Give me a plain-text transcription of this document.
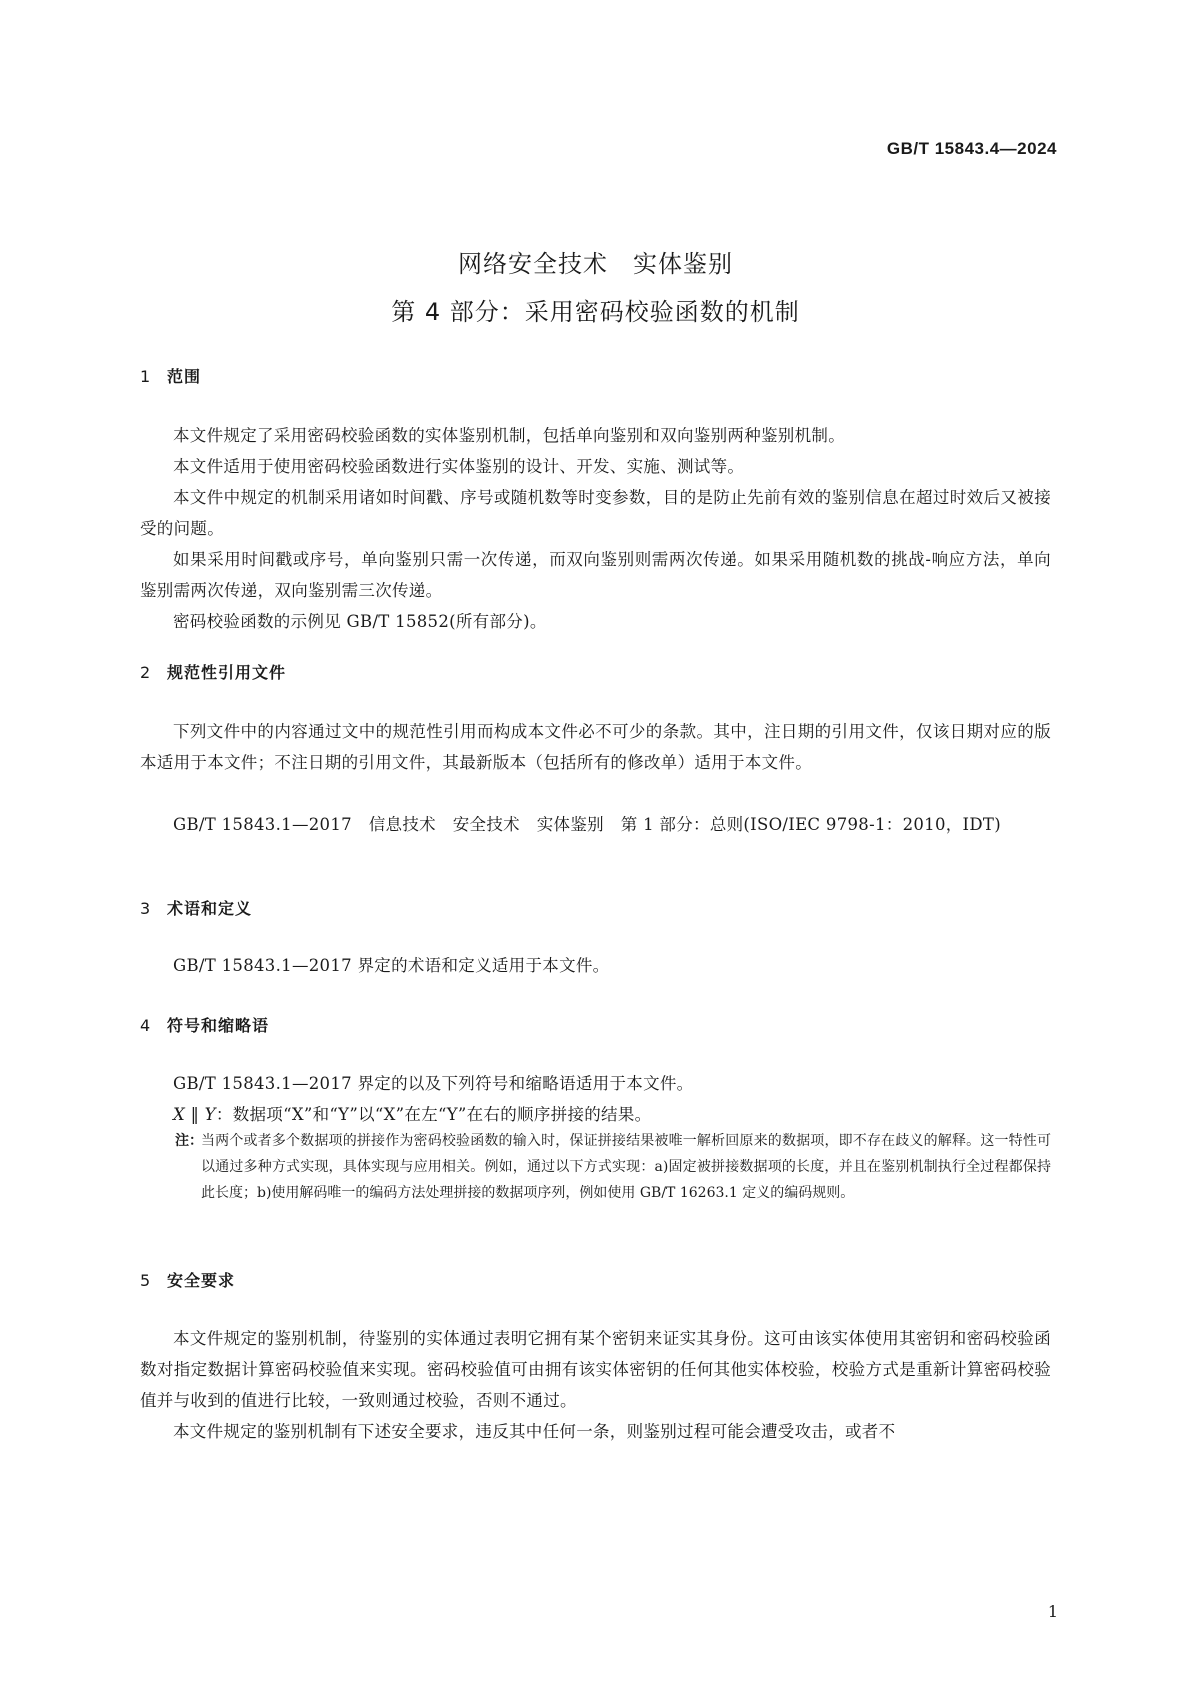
GB/T 15843.4—2024
网络安全技术　实体鉴别
第 4 部分：采用密码校验函数的机制
1 范围
本文件规定了采用密码校验函数的实体鉴别机制，包括单向鉴别和双向鉴别两种鉴别机制。
本文件适用于使用密码校验函数进行实体鉴别的设计、开发、实施、测试等。
本文件中规定的机制采用诸如时间戳、序号或随机数等时变参数，目的是防止先前有效的鉴别信息在超过时效后又被接受的问题。
如果采用时间戳或序号，单向鉴别只需一次传递，而双向鉴别则需两次传递。如果采用随机数的挑战-响应方法，单向鉴别需两次传递，双向鉴别需三次传递。
密码校验函数的示例见 GB/T 15852(所有部分)。
2 规范性引用文件
下列文件中的内容通过文中的规范性引用而构成本文件必不可少的条款。其中，注日期的引用文件，仅该日期对应的版本适用于本文件；不注日期的引用文件，其最新版本（包括所有的修改单）适用于本文件。
GB/T 15843.1—2017　信息技术　安全技术　实体鉴别　第 1 部分：总则(ISO/IEC 9798-1：2010，IDT)
3 术语和定义
GB/T 15843.1—2017 界定的术语和定义适用于本文件。
4 符号和缩略语
GB/T 15843.1—2017 界定的以及下列符号和缩略语适用于本文件。
X ‖ Y：数据项“X”和“Y”以“X”在左“Y”在右的顺序拼接的结果。
注：
当两个或者多个数据项的拼接作为密码校验函数的输入时，保证拼接结果被唯一解析回原来的数据项，即不存在歧义的解释。这一特性可以通过多种方式实现，具体实现与应用相关。例如，通过以下方式实现：a)固定被拼接数据项的长度，并且在鉴别机制执行全过程都保持此长度；b)使用解码唯一的编码方法处理拼接的数据项序列，例如使用 GB/T 16263.1 定义的编码规则。
5 安全要求
本文件规定的鉴别机制，待鉴别的实体通过表明它拥有某个密钥来证实其身份。这可由该实体使用其密钥和密码校验函数对指定数据计算密码校验值来实现。密码校验值可由拥有该实体密钥的任何其他实体校验，校验方式是重新计算密码校验值并与收到的值进行比较，一致则通过校验，否则不通过。
本文件规定的鉴别机制有下述安全要求，违反其中任何一条，则鉴别过程可能会遭受攻击，或者不
1
